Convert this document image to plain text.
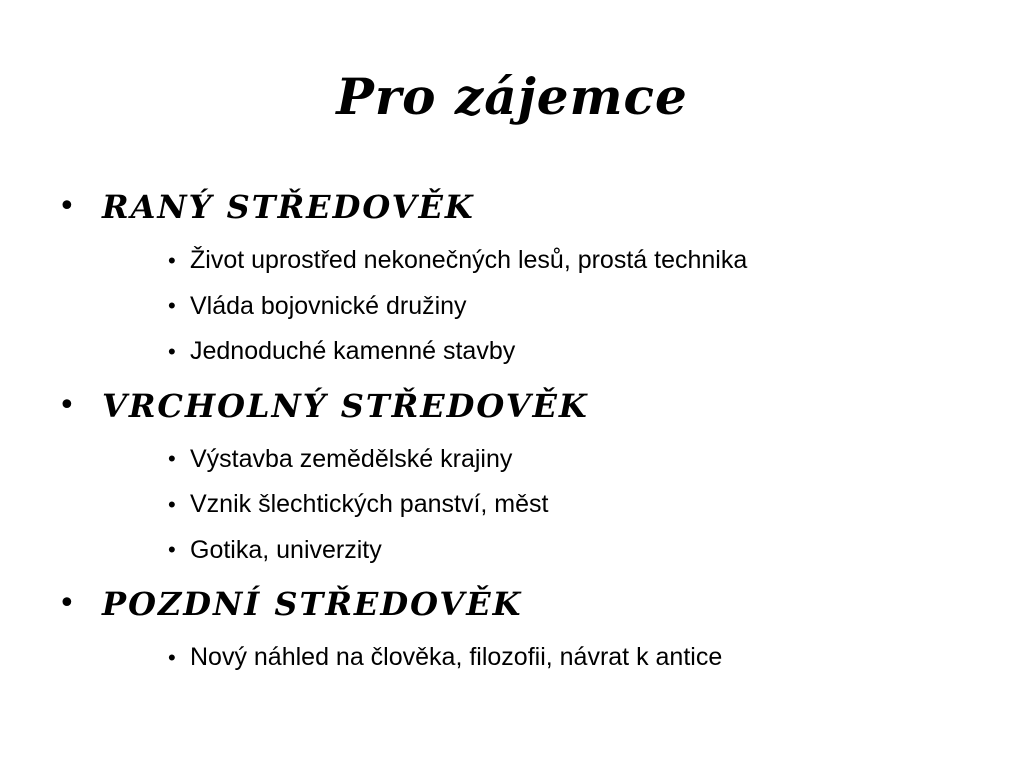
Pro zájemce
• RANÝ STŘEDOVĚK
• Život uprostřed nekonečných lesů, prostá technika
• Vláda bojovnické družiny
• Jednoduché kamenné stavby
• VRCHOLNÝ STŘEDOVĚK
• Výstavba zemědělské krajiny
• Vznik šlechtických panství, měst
• Gotika, univerzity
• POZDNÍ STŘEDOVĚK
• Nový náhled na člověka, filozofii, návrat k antice
